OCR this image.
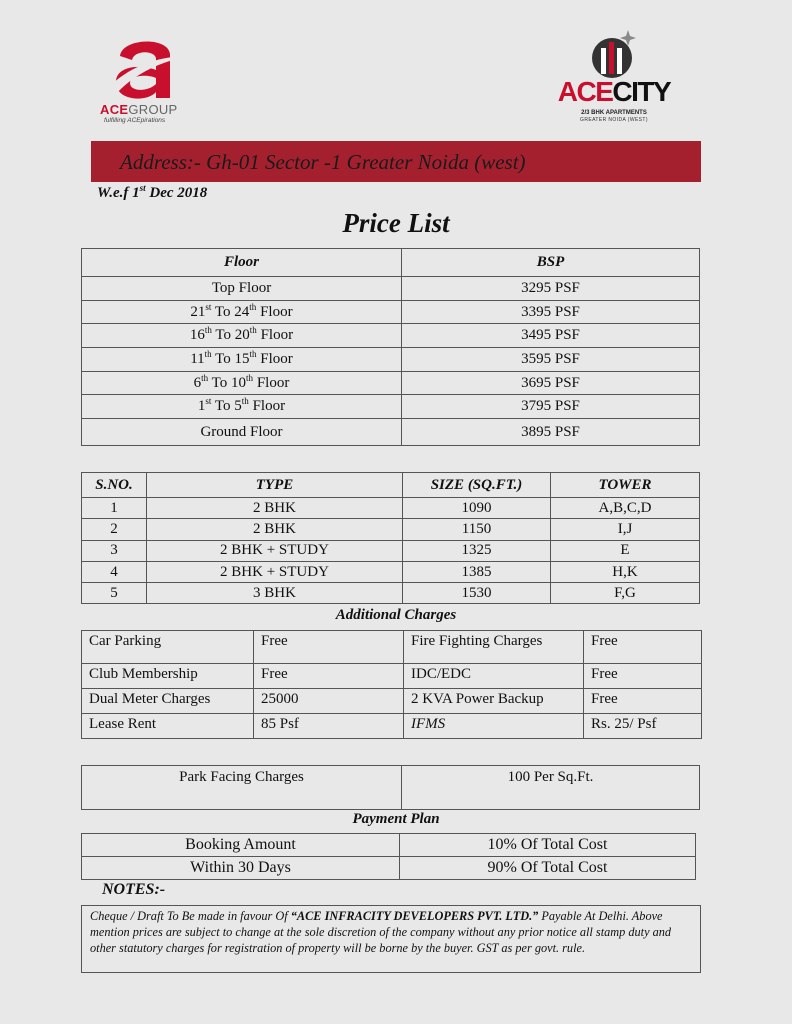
ACEGROUP
fulfilling ACEpirations
ACECITY
2/3 BHK APARTMENTS
GREATER NOIDA (WEST)
Address:- Gh-01 Sector -1 Greater Noida (west)
W.e.f 1st Dec 2018
Price List
Floor	BSP
Top Floor	3295 PSF
21st To 24th Floor	3395 PSF
16th To 20th Floor	3495 PSF
11th To 15th Floor	3595 PSF
6th To 10th Floor	3695 PSF
1st To 5th Floor	3795 PSF
Ground Floor	3895 PSF
S.NO.	TYPE	SIZE (SQ.FT.)	TOWER
1	2 BHK	1090	A,B,C,D
2	2 BHK	1150	I,J
3	2 BHK + STUDY	1325	E
4	2 BHK + STUDY	1385	H,K
5	3 BHK	1530	F,G
Additional Charges
Car Parking	Free	Fire Fighting Charges	Free
Club Membership	Free	IDC/EDC	Free
Dual Meter Charges	25000	2 KVA Power Backup	Free
Lease Rent	85 Psf	IFMS	Rs. 25/ Psf
Park Facing Charges	100 Per Sq.Ft.
Payment Plan
Booking Amount	10% Of Total Cost
Within 30 Days	90% Of Total Cost
NOTES:-
Cheque / Draft To Be made in favour Of “ACE INFRACITY DEVELOPERS PVT. LTD.” Payable At Delhi. Above mention prices are subject to change at the sole discretion of the company without any prior notice all stamp duty and other statutory charges for registration of property will be borne by the buyer. GST as per govt. rule.
